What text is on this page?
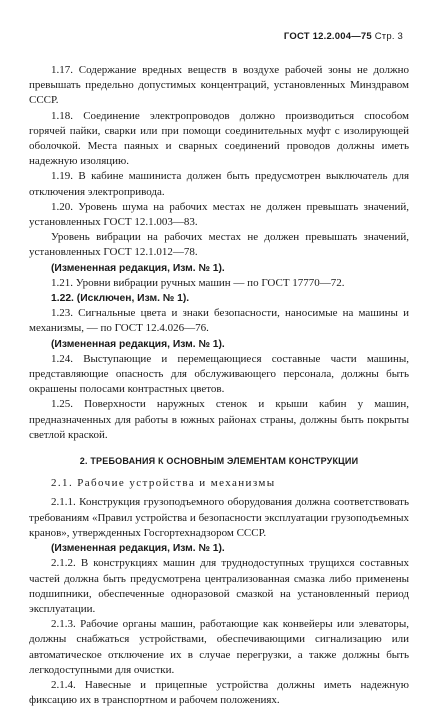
ГОСТ 12.2.004—75 Стр. 3

1.17. Содержание вредных веществ в воздухе рабочей зоны не должно превышать предельно допустимых концентраций, установленных Минздравом СССР.

1.18. Соединение электропроводов должно производиться способом горячей пайки, сварки или при помощи соединительных муфт с изолирующей оболочкой. Места паяных и сварных соединений проводов должны иметь надежную изоляцию.

1.19. В кабине машиниста должен быть предусмотрен выключатель для отключения электропривода.

1.20. Уровень шума на рабочих местах не должен превышать значений, установленных ГОСТ 12.1.003—83.

Уровень вибрации на рабочих местах не должен превышать значений, установленных ГОСТ 12.1.012—78.

(Измененная редакция, Изм. № 1).

1.21. Уровни вибрации ручных машин — по ГОСТ 17770—72.

1.22. (Исключен, Изм. № 1).

1.23. Сигнальные цвета и знаки безопасности, наносимые на машины и механизмы, — по ГОСТ 12.4.026—76.

(Измененная редакция, Изм. № 1).

1.24. Выступающие и перемещающиеся составные части машины, представляющие опасность для обслуживающего персонала, должны быть окрашены полосами контрастных цветов.

1.25. Поверхности наружных стенок и крыши кабин у машин, предназначенных для работы в южных районах страны, должны быть покрыты светлой краской.

2. ТРЕБОВАНИЯ К ОСНОВНЫМ ЭЛЕМЕНТАМ КОНСТРУКЦИИ

2.1. Рабочие устройства и механизмы

2.1.1. Конструкция грузоподъемного оборудования должна соответствовать требованиям «Правил устройства и безопасности эксплуатации грузоподъемных кранов», утвержденных Госгортехнадзором СССР.

(Измененная редакция, Изм. № 1).

2.1.2. В конструкциях машин для труднодоступных трущихся составных частей должна быть предусмотрена централизованная смазка либо применены подшипники, обеспеченные одноразовой смазкой на установленный период эксплуатации.

2.1.3. Рабочие органы машин, работающие как конвейеры или элеваторы, должны снабжаться устройствами, обеспечивающими сигнализацию или автоматическое отключение их в случае перегрузки, а также должны быть легкодоступными для очистки.

2.1.4. Навесные и прицепные устройства должны иметь надежную фиксацию их в транспортном и рабочем положениях.
